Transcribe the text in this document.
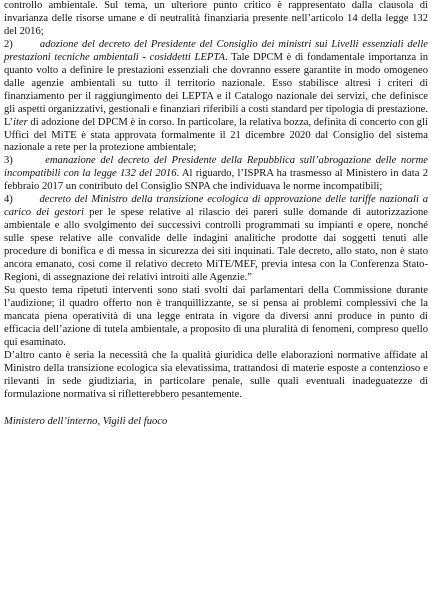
controllo ambientale. Sul tema, un ulteriore punto critico è rappresentato dalla clausola di invarianza delle risorse umane e di neutralità finanziaria presente nell’articolo 14 della legge 132 del 2016;

2)	adozione del decreto del Presidente del Consiglio dei ministri sui Livelli essenziali delle prestazioni tecniche ambientali - cosiddetti LEPTA. Tale DPCM è di fondamentale importanza in quanto volto a definire le prestazioni essenziali che dovranno essere garantite in modo omogeneo dalle agenzie ambientali su tutto il territorio nazionale. Esso stabilisce altresì i criteri di finanziamento per il raggiungimento dei LEPTA e il Catalogo nazionale dei servizi, che definisce gli aspetti organizzativi, gestionali e finanziari riferibili a costi standard per tipologia di prestazione. L’iter di adozione del DPCM è in corso. In particolare, la relativa bozza, definita di concerto con gli Uffici del MiTE è stata approvata formalmente il 21 dicembre 2020 dal Consiglio del sistema nazionale a rete per la protezione ambientale;

3)	emanazione del decreto del Presidente della Repubblica sull’abrogazione delle norme incompatibili con la legge 132 del 2016. Al riguardo, l’ISPRA ha trasmesso al Ministero in data 2 febbraio 2017 un contributo del Consiglio SNPA che individuava le norme incompatibili;

4)	decreto del Ministro della transizione ecologica di approvazione delle tariffe nazionali a carico dei gestori per le spese relative al rilascio dei pareri sulle domande di autorizzazione ambientale e allo svolgimento dei successivi controlli programmati su impianti e opere, nonché sulle spese relative alle convalide delle indagini analitiche prodotte dai soggetti tenuti alle procedure di bonifica e di messa in sicurezza dei siti inquinati. Tale decreto, allo stato, non è stato ancora emanato, così come il relativo decreto MiTE/MEF, previa intesa con la Conferenza Stato-Regioni, di assegnazione dei relativi introiti alle Agenzie.”

Su questo tema ripetuti interventi sono stati svolti dai parlamentari della Commissione durante l’audizione; il quadro offerto non è tranquillizzante, se si pensa ai problemi complessivi che la mancata piena operatività di una legge entrata in vigore da diversi anni produce in punto di efficacia dell’azione di tutela ambientale, a proposito di una pluralità di fenomeni, compreso quello qui esaminato.

D’altro canto è seria la necessità che la qualità giuridica delle elaborazioni normative affidate al Ministro della transizione ecologica sia elevatissima, trattandosi di materie esposte a contenzioso e rilevanti in sede giudiziaria, in particolare penale, sulle quali eventuali inadeguatezze di formulazione normativa si rifletterebbero pesantemente.

Ministero dell’interno, Vigili del fuoco
